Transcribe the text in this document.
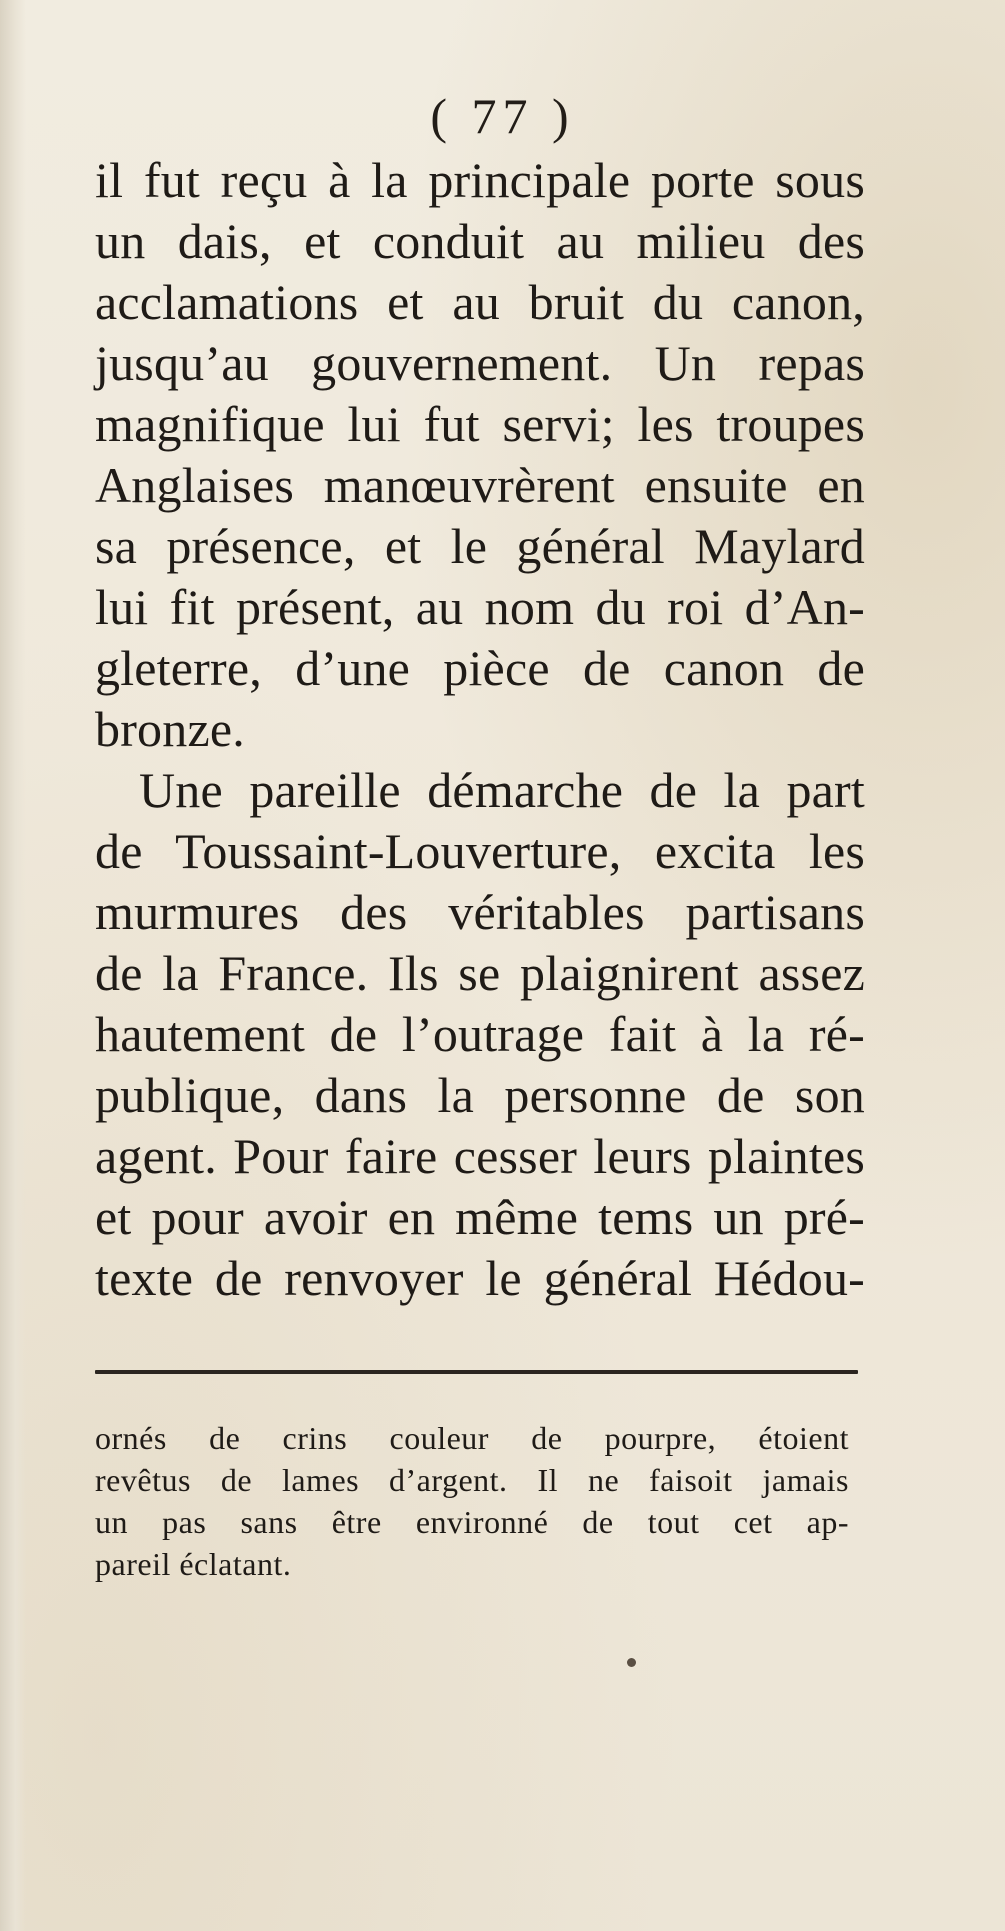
( 77 )
il fut reçu à la principale porte sous
un dais, et conduit au milieu des
acclamations et au bruit du canon,
jusqu’au gouvernement. Un repas
magnifique lui fut servi; les troupes
Anglaises manœuvrèrent ensuite en
sa présence, et le général Maylard
lui fit présent, au nom du roi d’An-
gleterre, d’une pièce de canon de
bronze.
Une pareille démarche de la part
de Toussaint-Louverture, excita les
murmures des véritables partisans
de la France. Ils se plaignirent assez
hautement de l’outrage fait à la ré-
publique, dans la personne de son
agent. Pour faire cesser leurs plaintes
et pour avoir en même tems un pré-
texte de renvoyer le général Hédou-
ornés de crins couleur de pourpre, étoient
revêtus de lames d’argent. Il ne faisoit jamais
un pas sans être environné de tout cet ap-
pareil éclatant.
